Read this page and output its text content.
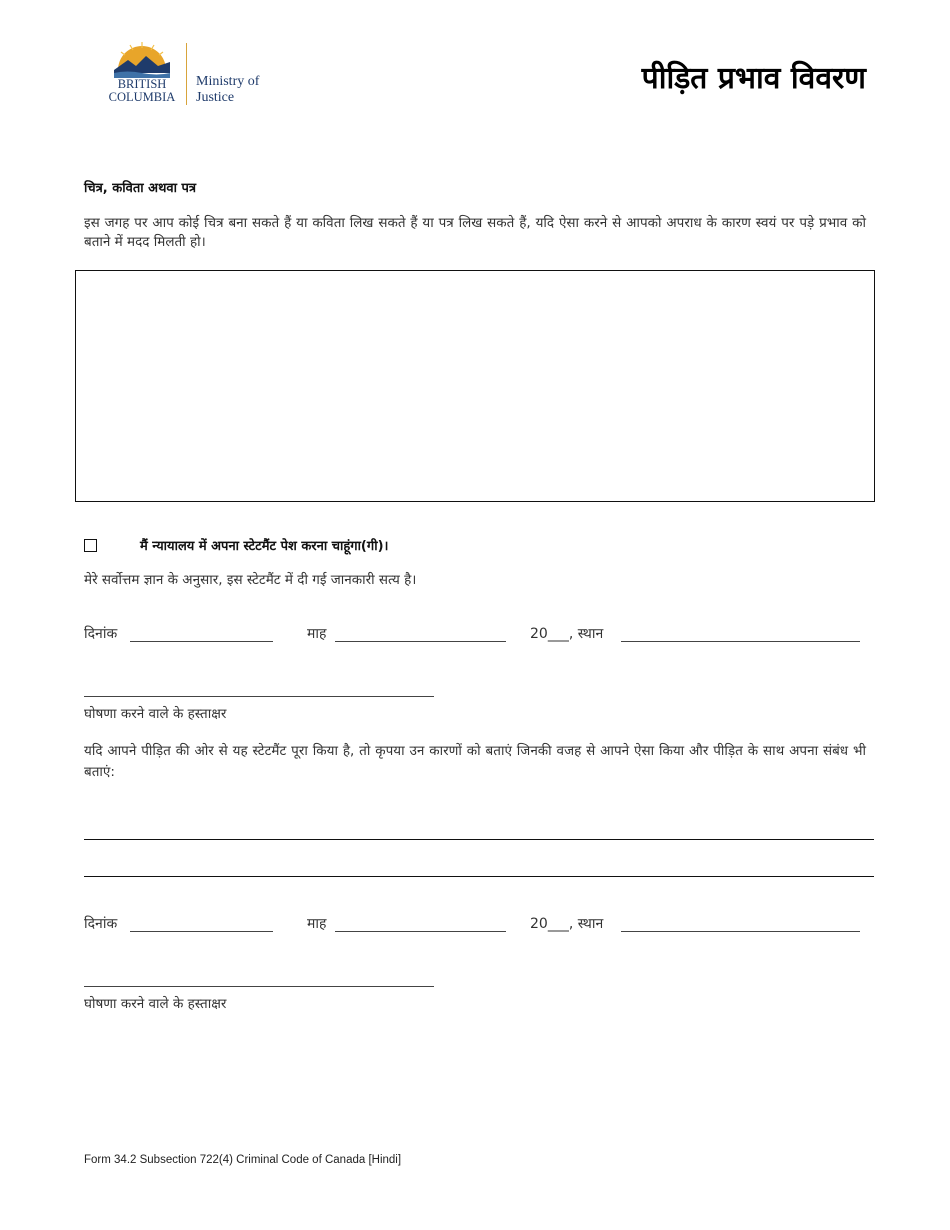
BRITISH
COLUMBIA
Ministry of
Justice
पीड़ित प्रभाव विवरण
चित्र, कविता अथवा पत्र
इस जगह पर आप कोई चित्र बना सकते हैं या कविता लिख सकते हैं या पत्र लिख सकते हैं, यदि ऐसा करने से आपको अपराध के कारण स्वयं पर पड़े प्रभाव को बताने में मदद मिलती हो।
मैं न्यायालय में अपना स्टेटमैंट पेश करना चाहूंगा(गी)।
मेरे सर्वोत्तम ज्ञान के अनुसार, इस स्टेटमैंट में दी गई जानकारी सत्य है।
दिनांक	माह	20___, स्थान
घोषणा करने वाले के हस्ताक्षर
यदि आपने पीड़ित की ओर से यह स्टेटमैंट पूरा किया है, तो कृपया उन कारणों को बताएं जिनकी वजह से आपने ऐसा किया और पीड़ित के साथ अपना संबंध भी बताएं:
दिनांक	माह	20___, स्थान
घोषणा करने वाले के हस्ताक्षर
Form 34.2 Subsection 722(4) Criminal Code of Canada [Hindi]
